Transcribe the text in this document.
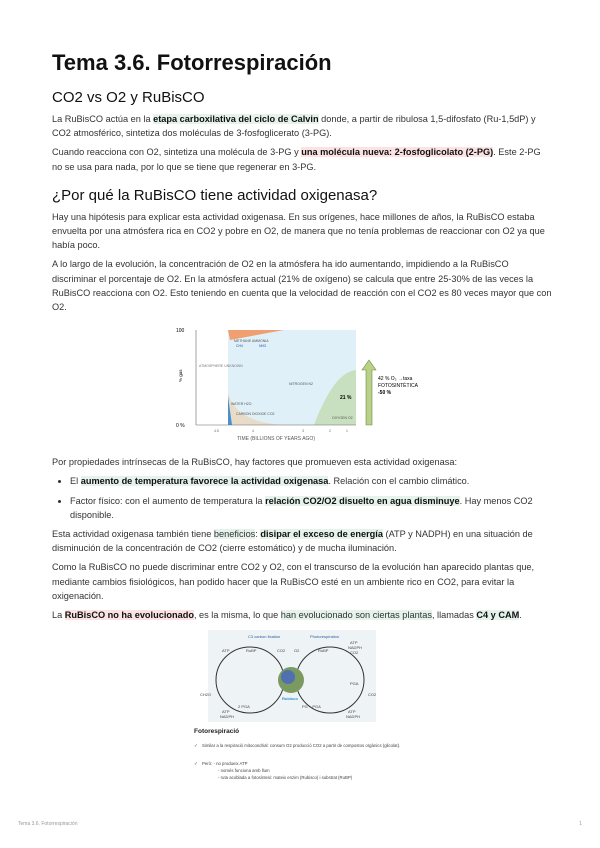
Tema 3.6. Fotorrespiración
CO2 vs O2 y RuBisCO

La RuBisCO actúa en la etapa carboxilativa del ciclo de Calvin donde, a partir de ribulosa 1,5-difosfato (Ru-1,5dP) y CO2 atmosférico, sintetiza dos moléculas de 3-fosfoglicerato (3-PG).

Cuando reacciona con O2, sintetiza una molécula de 3-PG y una molécula nueva: 2-fosfoglicolato (2-PG). Este 2-PG no se usa para nada, por lo que se tiene que regenerar en 3-PG.

¿Por qué la RuBisCO tiene actividad oxigenasa?

Hay una hipótesis para explicar esta actividad oxigenasa. En sus orígenes, hace millones de años, la RuBisCO estaba envuelta por una atmósfera rica en CO2 y pobre en O2, de manera que no tenía problemas de reaccionar con O2 ya que había poco.

A lo largo de la evolución, la concentración de O2 en la atmósfera ha ido aumentando, impidiendo a la RuBisCO discriminar el porcentaje de O2. En la atmósfera actual (21% de oxígeno) se calcula que entre 25-30% de las veces la RuBisCO reacciona con O2. Esto teniendo en cuenta que la velocidad de reacción con el CO2 es 80 veces mayor que con O2.

100
0 %
% gas
METHANE AMMONIA
CH4	NH3
ATMOSPHERE UNKNOWN
NITROGEN N2
WATER H2O
CARBON DIOXIDE CO2
OXYGEN O2
21 %
4.5	4	3	2	1
TIME (BILLIONS OF YEARS AGO)
42 % O₂ →taxa
FOTOSINTÈTICA
-50 %

Por propiedades intrínsecas de la RuBisCO, hay factores que promueven esta actividad oxigenasa:

• El aumento de temperatura favorece la actividad oxigenasa. Relación con el cambio climático.
• Factor físico: con el aumento de temperatura la relación CO2/O2 disuelto en agua disminuye. Hay menos CO2 disponible.

Esta actividad oxigenasa también tiene beneficios: disipar el exceso de energía (ATP y NADPH) en una situación de disminución de la concentración de CO2 (cierre estomático) y de mucha iluminación.

Como la RuBisCO no puede discriminar entre CO2 y O2, con el transcurso de la evolución han aparecido plantas que, mediante cambios fisiológicos, han podido hacer que la RuBisCO esté en un ambiente rico en CO2, para evitar la oxigenación.

La RuBisCO no ha evolucionado, es la misma, lo que han evolucionado son ciertas plantas, llamadas C4 y CAM.

C3 carbon fixation	Photorespiration
ATP	RuBP	CO2 O2	RuBP
ATP
NADPH
CO2
PGA
CO2
CH2O
2 PGA	PG + PGA
ATP
NADPH
ATP
NADPH
Rubisco
Fotorespiració
✓ Similar a la respiració mitocondrial: consum O2 producció CO2 a partir de compostos orgànics (glicolat).
✓ Però: - no produeix ATP
- només funciona amb llum
- ruta acoblada a fotosíntesi: mateix enzim (Rubisco) i substrat (RuBP)
Tema 3.6. Fotorrespiración	1
